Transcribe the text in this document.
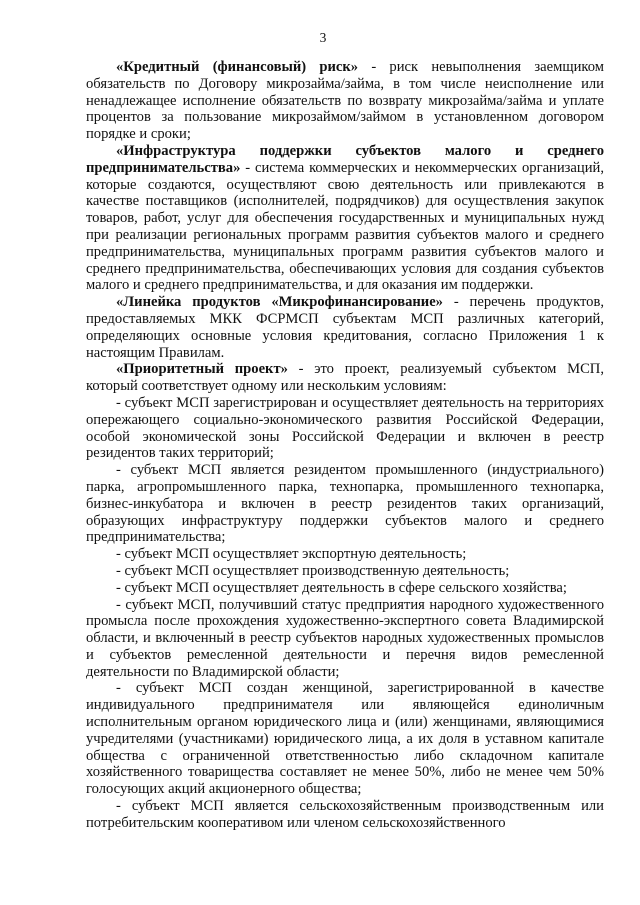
3

«Кредитный (финансовый) риск» - риск невыполнения заемщиком обязательств по Договору микрозайма/займа, в том числе неисполнение или ненадлежащее исполнение обязательств по возврату микрозайма/займа и уплате процентов за пользование микрозаймом/займом в установленном договором порядке и сроки;

«Инфраструктура поддержки субъектов малого и среднего предпринимательства» - система коммерческих и некоммерческих организаций, которые создаются, осуществляют свою деятельность или привлекаются в качестве поставщиков (исполнителей, подрядчиков) для осуществления закупок товаров, работ, услуг для обеспечения государственных и муниципальных нужд при реализации региональных программ развития субъектов малого и среднего предпринимательства, муниципальных программ развития субъектов малого и среднего предпринимательства, обеспечивающих условия для создания субъектов малого и среднего предпринимательства, и для оказания им поддержки.

«Линейка продуктов «Микрофинансирование» - перечень продуктов, предоставляемых МКК ФСРМСП субъектам МСП различных категорий, определяющих основные условия кредитования, согласно Приложения 1 к настоящим Правилам.

«Приоритетный проект» - это проект, реализуемый субъектом МСП, который соответствует одному или нескольким условиям:

- субъект МСП зарегистрирован и осуществляет деятельность на территориях опережающего социально-экономического развития Российской Федерации, особой экономической зоны Российской Федерации и включен в реестр резидентов таких территорий;

- субъект МСП является резидентом промышленного (индустриального) парка, агропромышленного парка, технопарка, промышленного технопарка, бизнес-инкубатора и включен в реестр резидентов таких организаций, образующих инфраструктуру поддержки субъектов малого и среднего предпринимательства;

- субъект МСП осуществляет экспортную деятельность;

- субъект МСП осуществляет производственную деятельность;

- субъект МСП осуществляет деятельность в сфере сельского хозяйства;

- субъект МСП, получивший статус предприятия народного художественного промысла после прохождения художественно-экспертного совета Владимирской области, и включенный в реестр субъектов народных художественных промыслов и субъектов ремесленной деятельности и перечня видов ремесленной деятельности по Владимирской области;

- субъект МСП создан женщиной, зарегистрированной в качестве индивидуального предпринимателя или являющейся единоличным исполнительным органом юридического лица и (или) женщинами, являющимися учредителями (участниками) юридического лица, а их доля в уставном капитале общества с ограниченной ответственностью либо складочном капитале хозяйственного товарищества составляет не менее 50%, либо не менее чем 50% голосующих акций акционерного общества;

- субъект МСП является сельскохозяйственным производственным или потребительским кооперативом или членом сельскохозяйственного
